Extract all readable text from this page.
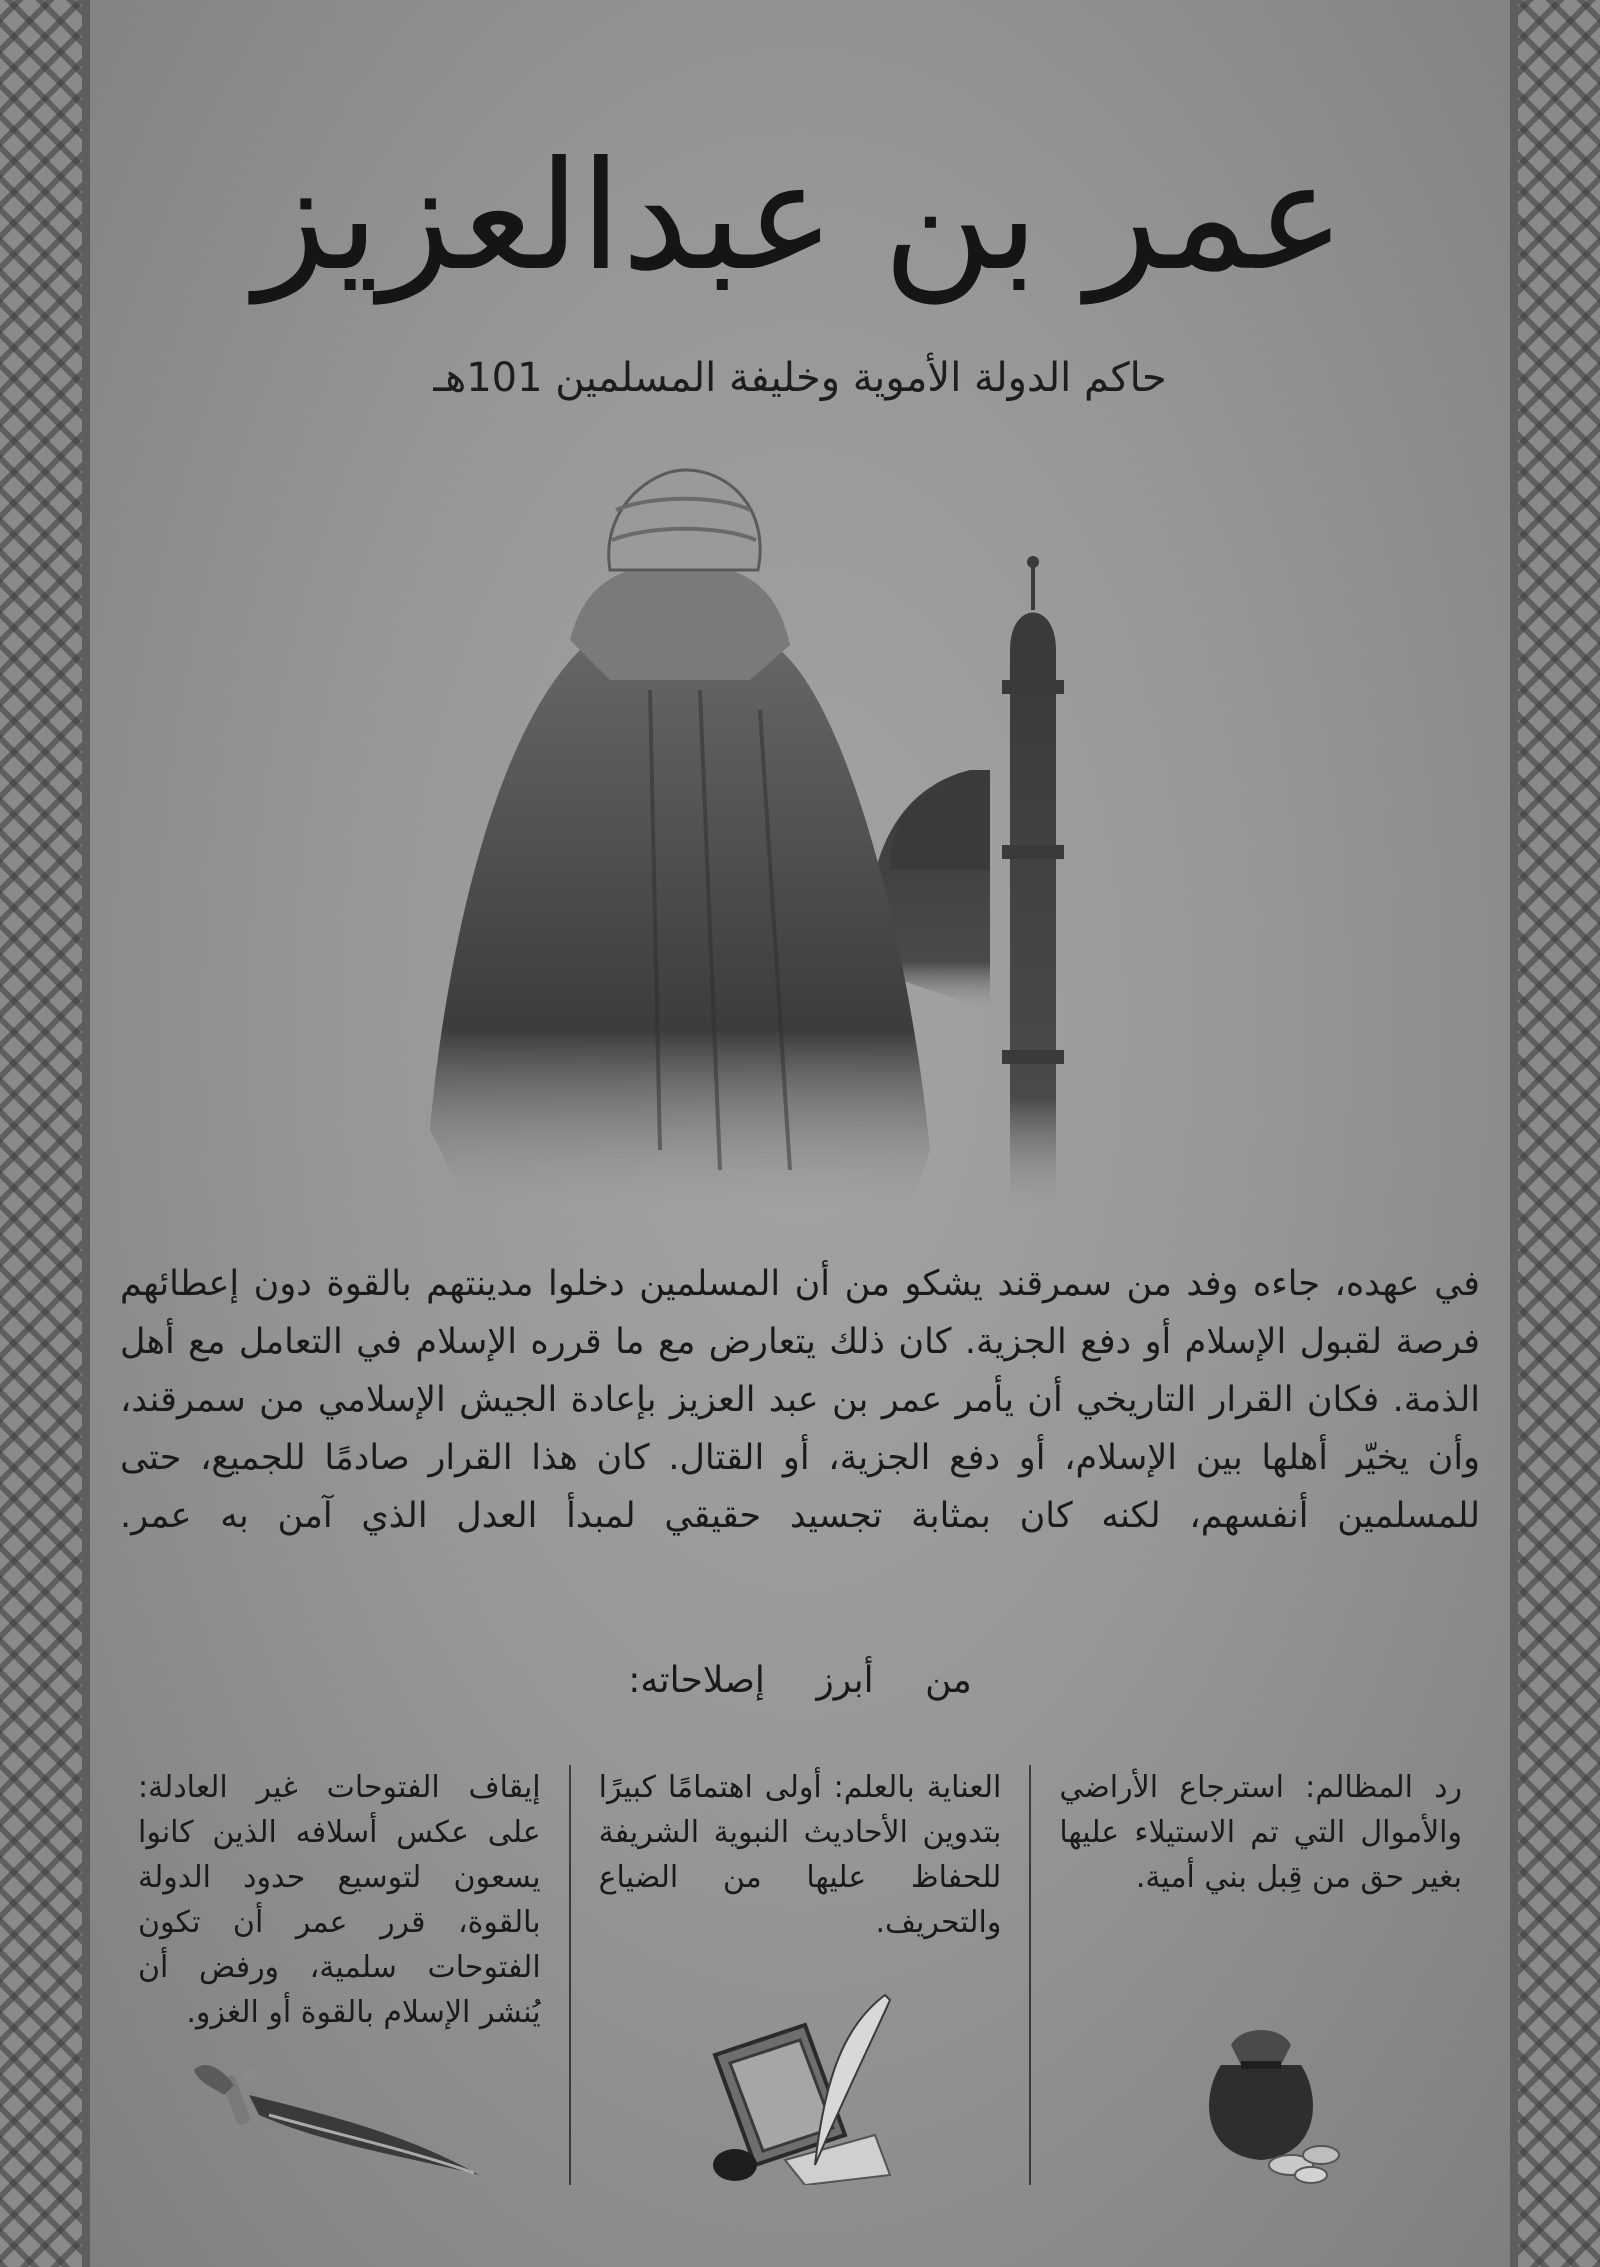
عمر بن عبدالعزيز
حاكم الدولة الأموية وخليفة المسلمين 101هـ

في عهده، جاءه وفد من سمرقند يشكو من أن المسلمين دخلوا مدينتهم بالقوة دون إعطائهم فرصة لقبول الإسلام أو دفع الجزية. كان ذلك يتعارض مع ما قرره الإسلام في التعامل مع أهل الذمة. فكان القرار التاريخي أن يأمر عمر بن عبد العزيز بإعادة الجيش الإسلامي من سمرقند، وأن يخيّر أهلها بين الإسلام، أو دفع الجزية، أو القتال. كان هذا القرار صادمًا للجميع، حتى للمسلمين أنفسهم، لكنه كان بمثابة تجسيد حقيقي لمبدأ العدل الذي آمن به عمر.

من أبرز إصلاحاته:
رد المظالم: استرجاع الأراضي والأموال التي تم الاستيلاء عليها بغير حق من قِبل بني أمية.
العناية بالعلم: أولى اهتمامًا كبيرًا بتدوين الأحاديث النبوية الشريفة للحفاظ عليها من الضياع والتحريف.
إيقاف الفتوحات غير العادلة: على عكس أسلافه الذين كانوا يسعون لتوسيع حدود الدولة بالقوة، قرر عمر أن تكون الفتوحات سلمية، ورفض أن يُنشر الإسلام بالقوة أو الغزو.
